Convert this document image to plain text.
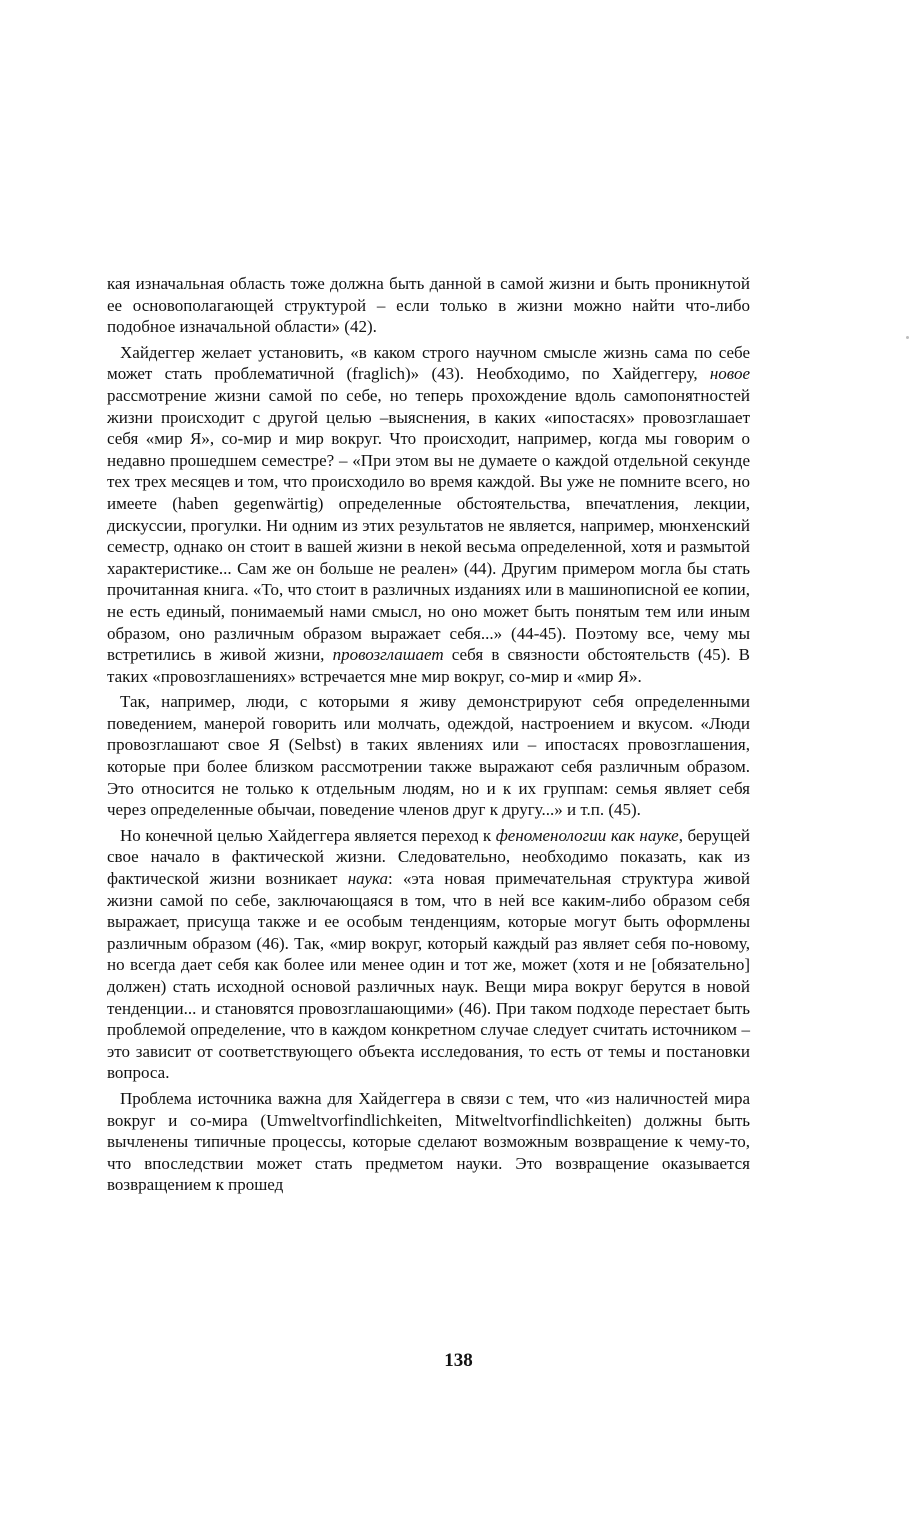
кая изначальная область тоже должна быть данной в самой жизни и быть проникнутой ее основополагающей структурой – если только в жизни можно найти что-либо подобное изначальной области» (42).

Хайдеггер желает установить, «в каком строго научном смысле жизнь сама по себе может стать проблематичной (fraglich)» (43). Необходимо, по Хайдеггеру, новое рассмотрение жизни самой по себе, но теперь прохождение вдоль самопонятностей жизни происходит с другой целью –выяснения, в каких «ипостасях» провозглашает себя «мир Я», со-мир и мир вокруг. Что происходит, например, когда мы говорим о недавно прошедшем семестре? – «При этом вы не думаете о каждой отдельной секунде тех трех месяцев и том, что происходило во время каждой. Вы уже не помните всего, но имеете (haben gegenwärtig) определенные обстоятельства, впечатления, лекции, дискуссии, прогулки. Ни одним из этих результатов не является, например, мюнхенский семестр, однако он стоит в вашей жизни в некой весьма определенной, хотя и размытой характеристике... Сам же он больше не реален» (44). Другим примером могла бы стать прочитанная книга. «То, что стоит в различных изданиях или в машинописной ее копии, не есть единый, понимаемый нами смысл, но оно может быть понятым тем или иным образом, оно различным образом выражает себя...» (44-45). Поэтому все, чему мы встретились в живой жизни, провозглашает себя в связности обстоятельств (45). В таких «провозглашениях» встречается мне мир вокруг, со-мир и «мир Я».

Так, например, люди, с которыми я живу демонстрируют себя определенными поведением, манерой говорить или молчать, одеждой, настроением и вкусом. «Люди провозглашают свое Я (Selbst) в таких явлениях или – ипостасях провозглашения, которые при более близком рассмотрении также выражают себя различным образом. Это относится не только к отдельным людям, но и к их группам: семья являет себя через определенные обычаи, поведение членов друг к другу...» и т.п. (45).

Но конечной целью Хайдеггера является переход к феноменологии как науке, берущей свое начало в фактической жизни. Следовательно, необходимо показать, как из фактической жизни возникает наука: «эта новая примечательная структура живой жизни самой по себе, заключающаяся в том, что в ней все каким-либо образом себя выражает, присуща также и ее особым тенденциям, которые могут быть оформлены различным образом (46). Так, «мир вокруг, который каждый раз являет себя по-новому, но всегда дает себя как более или менее один и тот же, может (хотя и не [обязательно] должен) стать исходной основой различных наук. Вещи мира вокруг берутся в новой тенденции... и становятся провозглашающими» (46). При таком подходе перестает быть проблемой определение, что в каждом конкретном случае следует считать источником – это зависит от соответствующего объекта исследования, то есть от темы и постановки вопроса.

Проблема источника важна для Хайдеггера в связи с тем, что «из наличностей мира вокруг и со-мира (Umweltvorfindlichkeiten, Mitweltvorfindlichkeiten) должны быть вычленены типичные процессы, которые сделают возможным возвращение к чему-то, что впоследствии может стать предметом науки. Это возвращение оказывается возвращением к прошед

138
